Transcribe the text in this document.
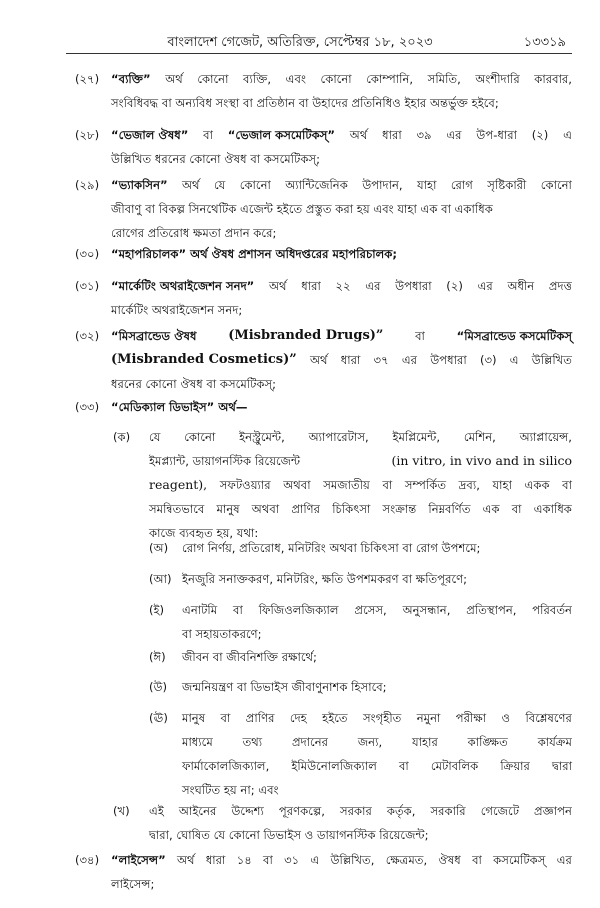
বাংলাদেশ গেজেট, অতিরিক্ত, সেপ্টেম্বর ১৮, ২০২৩	১৩৩১৯
(২৭) “ব্যক্তি” অর্থ কোনো ব্যক্তি, এবং কোনো কোম্পানি, সমিতি, অংশীদারি কারবার,
সংবিধিবদ্ধ বা অন্যবিধ সংস্থা বা প্রতিষ্ঠান বা উহাদের প্রতিনিধিও ইহার অন্তর্ভুক্ত হইবে;
(২৮) “ভেজাল ঔষধ” বা “ভেজাল কসমেটিকস্” অর্থ ধারা ৩৯ এর উপ-ধারা (২) এ
উল্লিখিত ধরনের কোনো ঔষধ বা কসমেটিকস্;
(২৯) “ভ্যাকসিন” অর্থ যে কোনো অ্যান্টিজেনিক উপাদান, যাহা রোগ সৃষ্টিকারী কোনো
জীবাণু বা বিকল্প সিনথেটিক এজেন্ট হইতে প্রস্তুত করা হয় এবং যাহা এক বা একাধিক
রোগের প্রতিরোধ ক্ষমতা প্রদান করে;
(৩০) “মহাপরিচালক” অর্থ ঔষধ প্রশাসন অধিদপ্তরের মহাপরিচালক;
(৩১) “মার্কেটিং অথরাইজেশন সনদ” অর্থ ধারা ২২ এর উপধারা (২) এর অধীন প্রদত্ত
মার্কেটিং অথরাইজেশন সনদ;
(৩২) “মিসব্রান্ডেড ঔষধ (Misbranded Drugs)”	বা	“মিসব্রান্ডেড কসমেটিকস্
(Misbranded Cosmetics)” অর্থ ধারা ৩৭ এর উপধারা (৩) এ উল্লিখিত
ধরনের কোনো ঔষধ বা কসমেটিকস্;
(৩৩) “মেডিক্যাল ডিভাইস” অর্থ—
(ক) যে কোনো ইনস্ট্রুমেন্ট, অ্যাপারেটাস, ইমপ্লিমেন্ট, মেশিন, অ্যাপ্লায়েন্স,
ইমপ্ল্যান্ট, ডায়াগনস্টিক রিয়েজেন্ট	(in vitro, in vivo and in silico
reagent), সফটওয়্যার অথবা সমজাতীয় বা সম্পর্কিত দ্রব্য, যাহা একক বা
সমন্বিতভাবে মানুষ অথবা প্রাণির চিকিৎসা সংক্রান্ত নিম্নবর্ণিত এক বা একাধিক
কাজে ব্যবহৃত হয়, যথা:
(অ) রোগ নির্ণয়, প্রতিরোধ, মনিটরিং অথবা চিকিৎসা বা রোগ উপশমে;
(আ) ইনজুরি সনাক্তকরণ, মনিটরিং, ক্ষতি উপশমকরণ বা ক্ষতিপূরণে;
(ই) এনাটমি বা ফিজিওলজিক্যাল প্রসেস, অনুসন্ধান, প্রতিস্থাপন, পরিবর্তন
বা সহায়তাকরণে;
(ঈ) জীবন বা জীবনিশক্তি রক্ষার্থে;
(উ) জন্মনিয়ন্ত্রণ বা ডিভাইস জীবাণুনাশক হিসাবে;
(ঊ) মানুষ বা প্রাণির দেহ হইতে সংগৃহীত নমুনা পরীক্ষা ও বিশ্লেষণের
মাধ্যমে	তথ্য	প্রদানের	জন্য,	যাহার	কাঙ্ক্ষিত	কার্যক্রম
ফার্মাকোলজিক্যাল, ইমিউনোলজিক্যাল বা মেটাবলিক ক্রিয়ার দ্বারা
সংঘটিত হয় না; এবং
(খ) এই আইনের উদ্দেশ্য পূরণকল্পে, সরকার কর্তৃক, সরকারি গেজেটে প্রজ্ঞাপন
দ্বারা, ঘোষিত যে কোনো ডিভাইস ও ডায়াগনস্টিক রিয়েজেন্ট;
(৩৪) “লাইসেন্স” অর্থ ধারা ১৪ বা ৩১ এ উল্লিখিত, ক্ষেত্রমত, ঔষধ বা কসমেটিকস্ এর
লাইসেন্স;
